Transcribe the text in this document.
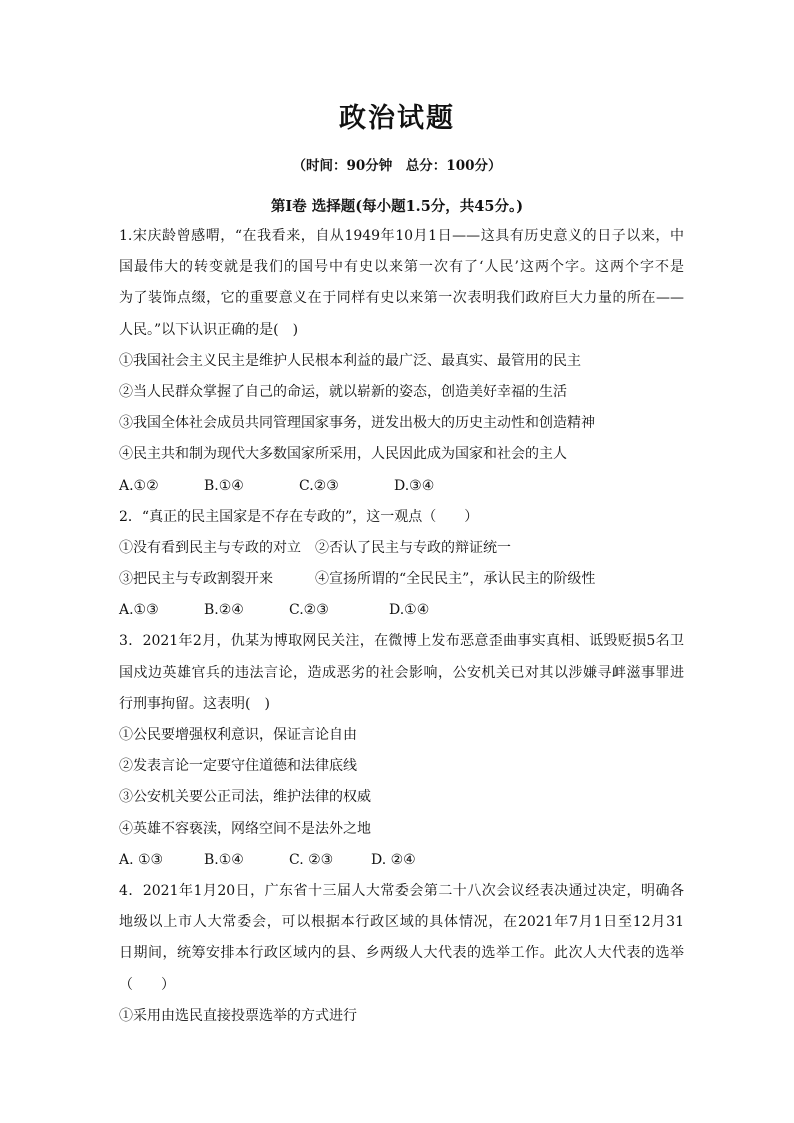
政治试题
（时间：90分钟　总分：100分）
第Ⅰ卷 选择题(每小题1.5分，共45分。)
1.宋庆龄曾感喟，“在我看来，自从1949年10月1日——这具有历史意义的日子以来，中
国最伟大的转变就是我们的国号中有史以来第一次有了‘人民’这两个字。这两个字不是
为了装饰点缀，它的重要意义在于同样有史以来第一次表明我们政府巨大力量的所在——
人民。”以下认识正确的是(　)
①我国社会主义民主是维护人民根本利益的最广泛、最真实、最管用的民主
②当人民群众掌握了自己的命运，就以崭新的姿态，创造美好幸福的生活
③我国全体社会成员共同管理国家事务，迸发出极大的历史主动性和创造精神
④民主共和制为现代大多数国家所采用，人民因此成为国家和社会的主人
A.①②	B.①④	C.②③	D.③④
2．“真正的民主国家是不存在专政的”，这一观点（　　）
①没有看到民主与专政的对立　②否认了民主与专政的辩证统一
③把民主与专政割裂开来　　　④宣扬所谓的“全民民主”，承认民主的阶级性
A.①③	B.②④	C.②③	D.①④
3．2021年2月，仇某为博取网民关注，在微博上发布恶意歪曲事实真相、诋毁贬损5名卫
国戍边英雄官兵的违法言论，造成恶劣的社会影响，公安机关已对其以涉嫌寻衅滋事罪进
行刑事拘留。这表明(　)
①公民要增强权利意识，保证言论自由
②发表言论一定要守住道德和法律底线
③公安机关要公正司法，维护法律的权威
④英雄不容亵渎，网络空间不是法外之地
A. ①③	B.①④	C. ②③	D. ②④
4．2021年1月20日，广东省十三届人大常委会第二十八次会议经表决通过决定，明确各
地级以上市人大常委会，可以根据本行政区域的具体情况，在2021年7月1日至12月31
日期间，统筹安排本行政区域内的县、乡两级人大代表的选举工作。此次人大代表的选举
（　　）
①采用由选民直接投票选举的方式进行
